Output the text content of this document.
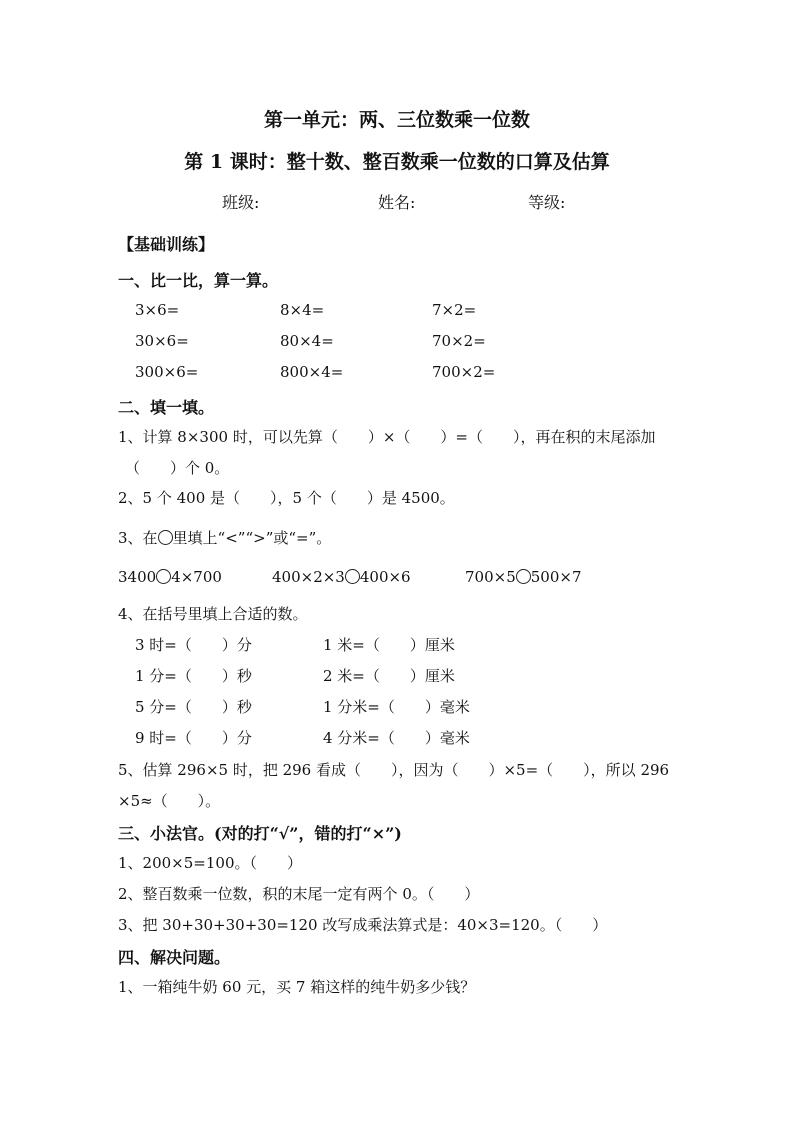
第一单元：两、三位数乘一位数
第 1 课时：整十数、整百数乘一位数的口算及估算
班级:	姓名:	等级:
【基础训练】
一、比一比，算一算。
3×6=	8×4=	7×2=
30×6=	80×4=	70×2=
300×6=	800×4=	700×2=
二、填一填。
1、计算 8×300 时，可以先算（　　）×（　　）=（　　），再在积的末尾添加
（　　）个 0。
2、5 个 400 是（　　），5 个（　　）是 4500。
3、在 里填上“<”“>”或“=”。
3400 4×700	400×2×3 400×6	700×5 500×7
4、在括号里填上合适的数。
3 时=（　　）分	1 米=（　　）厘米
1 分=（　　）秒	2 米=（　　）厘米
5 分=（　　）秒	1 分米=（　　）毫米
9 时=（　　）分	4 分米=（　　）毫米
5、估算 296×5 时，把 296 看成（　　），因为（　　）×5=（　　），所以 296
×5≈（　　）。
三、小法官。(对的打“√”，错的打“×”)
1、200×5=100。（　　）
2、整百数乘一位数，积的末尾一定有两个 0。（　　）
3、把 30+30+30+30=120 改写成乘法算式是：40×3=120。（　　）
四、解决问题。
1、一箱纯牛奶 60 元，买 7 箱这样的纯牛奶多少钱？
